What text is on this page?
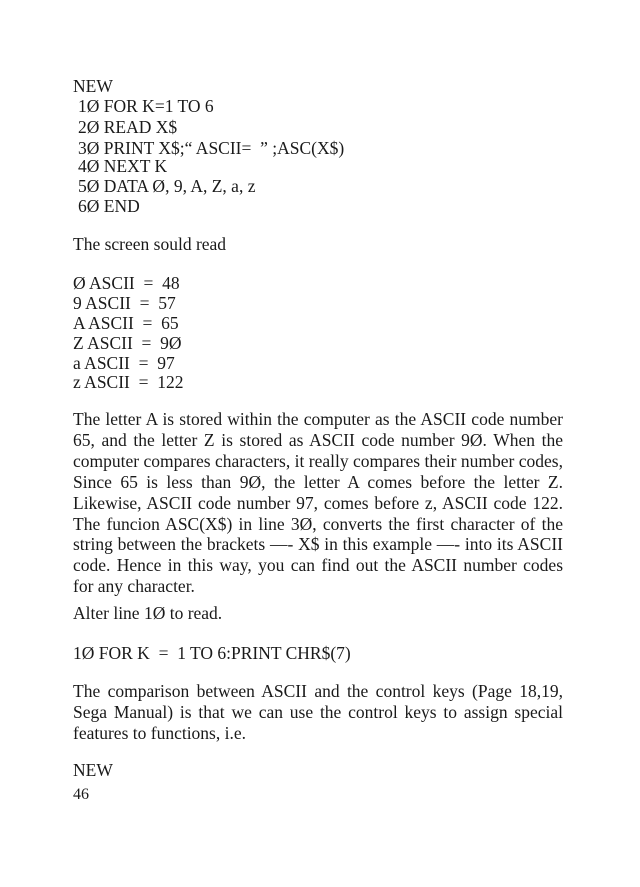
NEW

1Ø FOR K=1 TO 6

2Ø READ X$

3Ø PRINT X$;“ ASCII=  ” ;ASC(X$)

4Ø NEXT K

5Ø DATA Ø, 9, A, Z, a, z

6Ø END

The screen sould read

Ø ASCII  =  48

9 ASCII  =  57

A ASCII  =  65

Z ASCII  =  9Ø

a ASCII  =  97

z ASCII  =  122

The letter A is stored within the computer as the ASCII code number 65, and the letter Z is stored as ASCII code number 9Ø. When the computer compares characters, it really compares their number codes, Since 65 is less than 9Ø, the letter A comes before the letter Z. Likewise, ASCII code number 97, comes before z, ASCII code 122. The funcion ASC(X$) in line 3Ø, converts the first character of the string between the brackets —- X$ in this example —- into its ASCII code. Hence in this way, you can find out the ASCII number codes for any character.

Alter line 1Ø to read.

1Ø FOR K  =  1 TO 6:PRINT CHR$(7)

The comparison between ASCII and the control keys (Page 18,19, Sega Manual) is that we can use the control keys to assign special features to functions, i.e.

NEW

46
